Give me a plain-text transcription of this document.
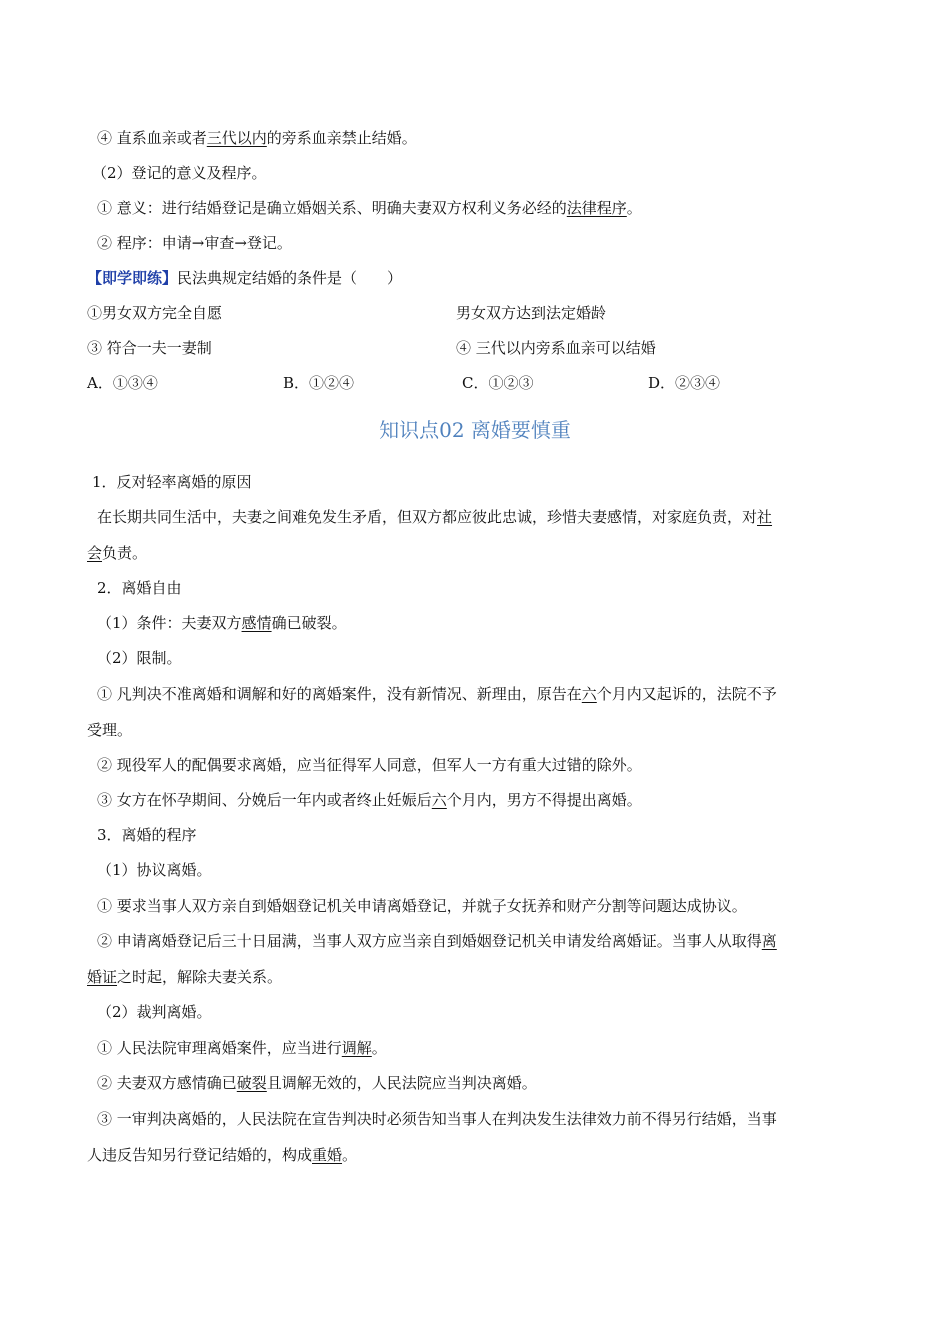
④ 直系血亲或者三代以内的旁系血亲禁止结婚。
（2）登记的意义及程序。
① 意义：进行结婚登记是确立婚姻关系、明确夫妻双方权利义务必经的法律程序。
② 程序：申请→审查→登记。
【即学即练】民法典规定结婚的条件是（　　）
①男女双方完全自愿	男女双方达到法定婚龄
③ 符合一夫一妻制	④ 三代以内旁系血亲可以结婚
A．①③④	B．①②④	C．①②③	D．②③④
知识点02 离婚要慎重
1．反对轻率离婚的原因
在长期共同生活中，夫妻之间难免发生矛盾，但双方都应彼此忠诚，珍惜夫妻感情，对家庭负责，对社
会负责。
2．离婚自由
（1）条件：夫妻双方感情确已破裂。
（2）限制。
① 凡判决不准离婚和调解和好的离婚案件，没有新情况、新理由，原告在六个月内又起诉的，法院不予
受理。
② 现役军人的配偶要求离婚，应当征得军人同意，但军人一方有重大过错的除外。
③ 女方在怀孕期间、分娩后一年内或者终止妊娠后六个月内，男方不得提出离婚。
3．离婚的程序
（1）协议离婚。
① 要求当事人双方亲自到婚姻登记机关申请离婚登记，并就子女抚养和财产分割等问题达成协议。
② 申请离婚登记后三十日届满，当事人双方应当亲自到婚姻登记机关申请发给离婚证。当事人从取得离
婚证之时起，解除夫妻关系。
（2）裁判离婚。
① 人民法院审理离婚案件，应当进行调解。
② 夫妻双方感情确已破裂且调解无效的，人民法院应当判决离婚。
③ 一审判决离婚的，人民法院在宣告判决时必须告知当事人在判决发生法律效力前不得另行结婚，当事
人违反告知另行登记结婚的，构成重婚。
